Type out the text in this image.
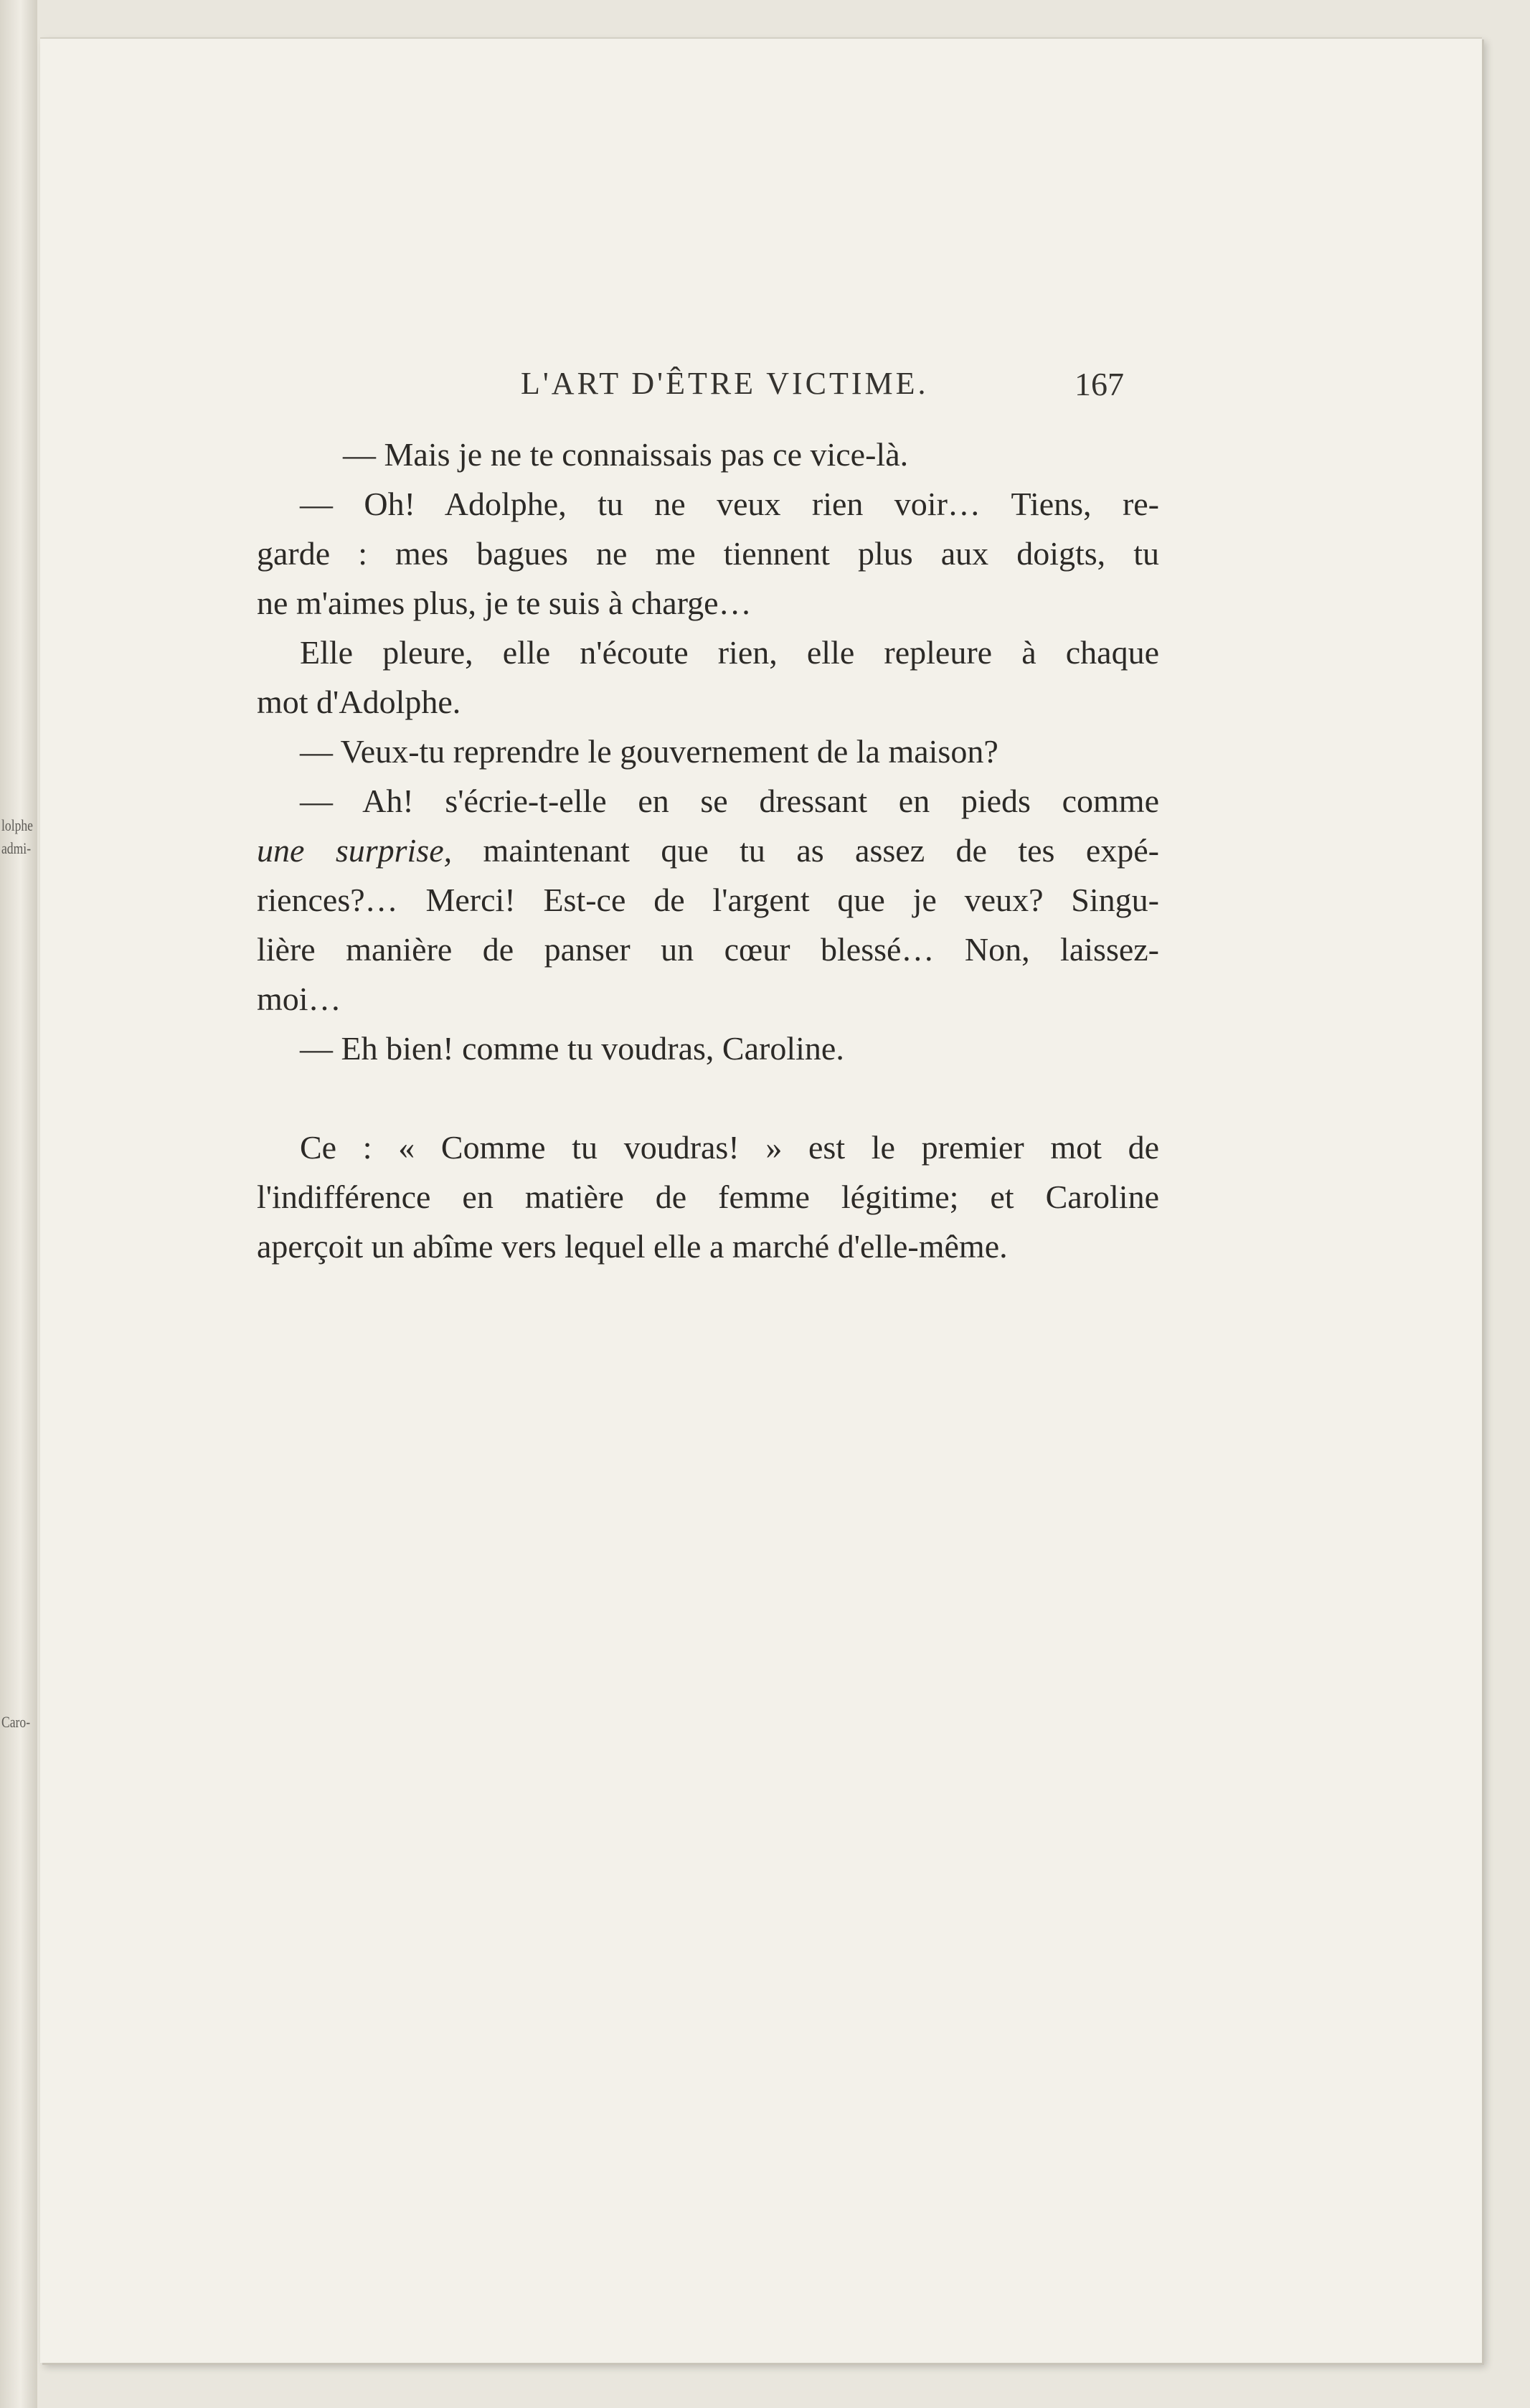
lolphe
admi-
Caro-
L'ART D'ÊTRE VICTIME.	167

— Mais je ne te connaissais pas ce vice-là.

— Oh! Adolphe, tu ne veux rien voir… Tiens, re-
garde : mes bagues ne me tiennent plus aux doigts, tu
ne m'aimes plus, je te suis à charge…

Elle pleure, elle n'écoute rien, elle repleure à chaque
mot d'Adolphe.

— Veux-tu reprendre le gouvernement de la maison?

— Ah! s'écrie-t-elle en se dressant en pieds comme
une surprise, maintenant que tu as assez de tes expé-
riences?… Merci! Est-ce de l'argent que je veux? Singu-
lière manière de panser un cœur blessé… Non, laissez-
moi…

— Eh bien! comme tu voudras, Caroline.

Ce : « Comme tu voudras! » est le premier mot de
l'indifférence en matière de femme légitime; et Caroline
aperçoit un abîme vers lequel elle a marché d'elle-même.
